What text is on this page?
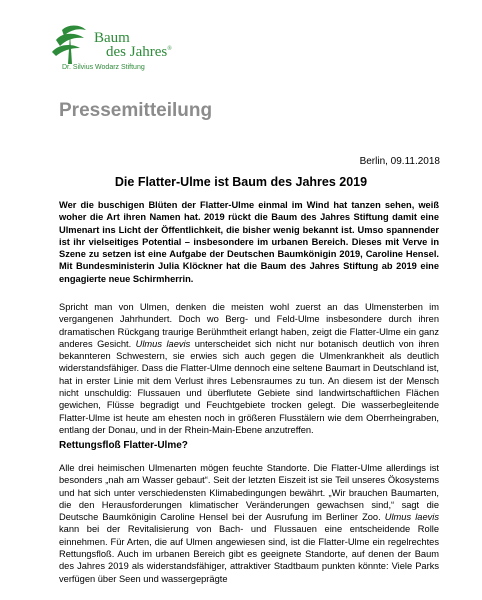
Baum
des Jahres®
Dr. Silvius Wodarz Stiftung
Pressemitteilung
Berlin, 09.11.2018
Die Flatter-Ulme ist Baum des Jahres 2019
Wer die buschigen Blüten der Flatter-Ulme einmal im Wind hat tanzen sehen, weiß woher die Art ihren Namen hat. 2019 rückt die Baum des Jahres Stiftung damit eine Ulmenart ins Licht der Öffentlichkeit, die bisher wenig bekannt ist. Umso spannender ist ihr vielseitiges Potential – insbesondere im urbanen Bereich. Dieses mit Verve in Szene zu setzen ist eine Aufgabe der Deutschen Baumkönigin 2019, Caroline Hensel. Mit Bundesministerin Julia Klöckner hat die Baum des Jahres Stiftung ab 2019 eine engagierte neue Schirmherrin.
Spricht man von Ulmen, denken die meisten wohl zuerst an das Ulmensterben im vergangenen Jahrhundert. Doch wo Berg- und Feld-Ulme insbesondere durch ihren dramatischen Rückgang traurige Berühmtheit erlangt haben, zeigt die Flatter-Ulme ein ganz anderes Gesicht. Ulmus laevis unterscheidet sich nicht nur botanisch deutlich von ihren bekannteren Schwestern, sie erwies sich auch gegen die Ulmenkrankheit als deutlich widerstandsfähiger. Dass die Flatter-Ulme dennoch eine seltene Baumart in Deutschland ist, hat in erster Linie mit dem Verlust ihres Lebensraumes zu tun. An diesem ist der Mensch nicht unschuldig: Flussauen und überflutete Gebiete sind landwirtschaftlichen Flächen gewichen, Flüsse begradigt und Feuchtgebiete trocken gelegt. Die wasserbegleitende Flatter-Ulme ist heute am ehesten noch in größeren Flusstälern wie dem Oberrheingraben, entlang der Donau, und in der Rhein-Main-Ebene anzutreffen.
Rettungsfloß Flatter-Ulme?
Alle drei heimischen Ulmenarten mögen feuchte Standorte. Die Flatter-Ulme allerdings ist besonders „nah am Wasser gebaut“. Seit der letzten Eiszeit ist sie Teil unseres Ökosystems und hat sich unter verschiedensten Klimabedingungen bewährt. „Wir brauchen Baumarten, die den Herausforderungen klimatischer Veränderungen gewachsen sind,“ sagt die Deutsche Baumkönigin Caroline Hensel bei der Ausrufung im Berliner Zoo. Ulmus laevis kann bei der Revitalisierung von Bach- und Flussauen eine entscheidende Rolle einnehmen. Für Arten, die auf Ulmen angewiesen sind, ist die Flatter-Ulme ein regelrechtes Rettungsfloß. Auch im urbanen Bereich gibt es geeignete Standorte, auf denen der Baum des Jahres 2019 als widerstandsfähiger, attraktiver Stadtbaum punkten könnte: Viele Parks verfügen über Seen und wassergeprägte
